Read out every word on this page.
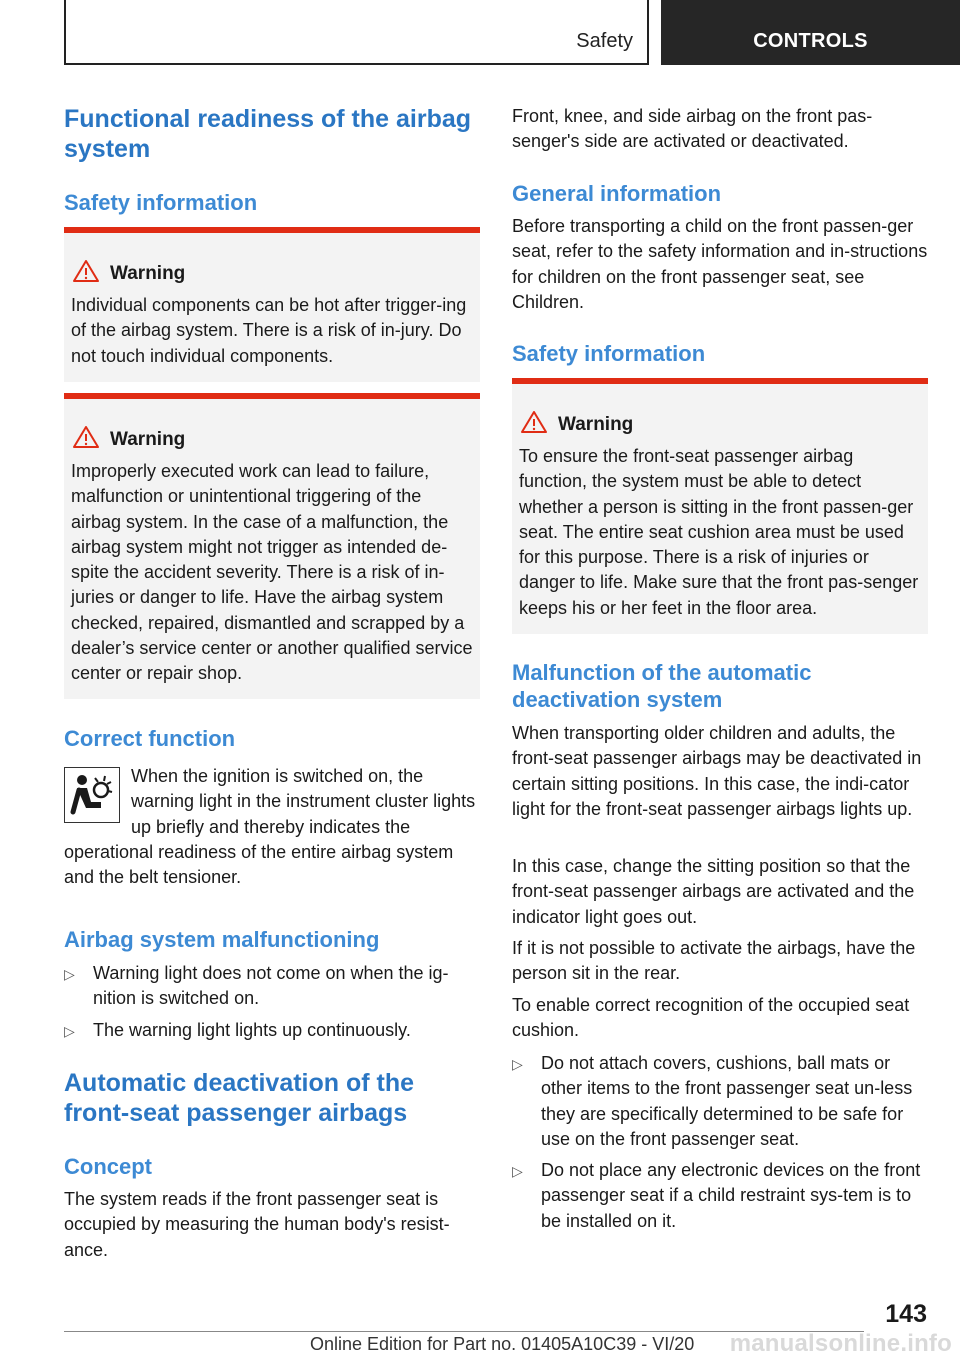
Safety	CONTROLS
Functional readiness of the airbag system
Safety information
Warning
Individual components can be hot after trigger-ing of the airbag system. There is a risk of in-jury. Do not touch individual components.
Warning
Improperly executed work can lead to failure, malfunction or unintentional triggering of the airbag system. In the case of a malfunction, the airbag system might not trigger as intended de-spite the accident severity. There is a risk of in-juries or danger to life. Have the airbag system checked, repaired, dismantled and scrapped by a dealer’s service center or another qualified service center or repair shop.
Correct function
When the ignition is switched on, the warning light in the instrument cluster lights up briefly and thereby indicates the
operational readiness of the entire airbag system and the belt tensioner.
Airbag system malfunctioning
▷ Warning light does not come on when the ig-nition is switched on.
▷ The warning light lights up continuously.
Automatic deactivation of the front-seat passenger airbags
Concept
The system reads if the front passenger seat is occupied by measuring the human body's resist-ance.
Front, knee, and side airbag on the front pas-senger's side are activated or deactivated.
General information
Before transporting a child on the front passen-ger seat, refer to the safety information and in-structions for children on the front passenger seat, see Children.
Safety information
Warning
To ensure the front-seat passenger airbag function, the system must be able to detect whether a person is sitting in the front passen-ger seat. The entire seat cushion area must be used for this purpose. There is a risk of injuries or danger to life. Make sure that the front pas-senger keeps his or her feet in the floor area.
Malfunction of the automatic deactivation system
When transporting older children and adults, the front-seat passenger airbags may be deactivated in certain sitting positions. In this case, the indi-cator light for the front-seat passenger airbags lights up.
In this case, change the sitting position so that the front-seat passenger airbags are activated and the indicator light goes out.
If it is not possible to activate the airbags, have the person sit in the rear.
To enable correct recognition of the occupied seat cushion.
▷ Do not attach covers, cushions, ball mats or other items to the front passenger seat un-less they are specifically determined to be safe for use on the front passenger seat.
▷ Do not place any electronic devices on the front passenger seat if a child restraint sys-tem is to be installed on it.
143
Online Edition for Part no. 01405A10C39 - VI/20 manualsonline.info
